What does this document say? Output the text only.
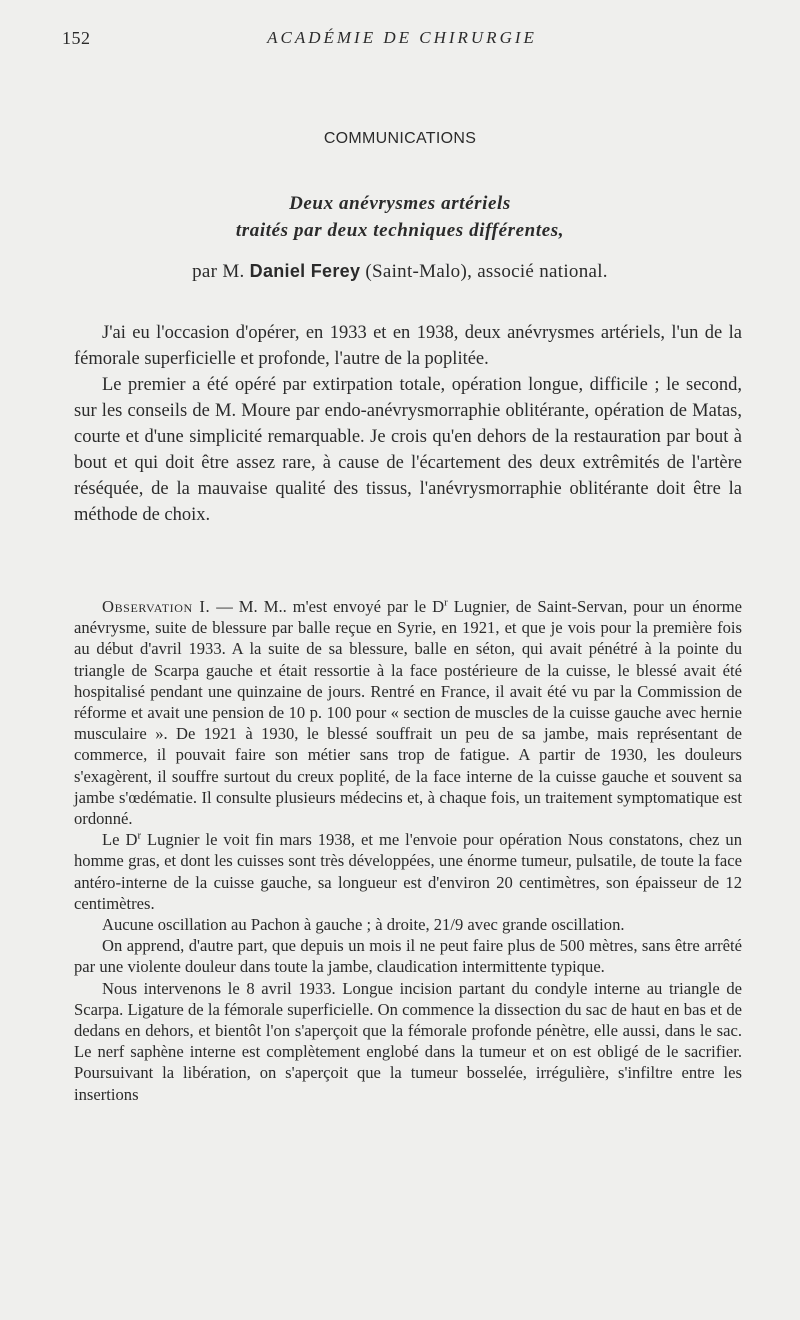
152	ACADÉMIE DE CHIRURGIE
COMMUNICATIONS
Deux anévrysmes artériels
traités par deux techniques différentes,
par M. Daniel Ferey (Saint-Malo), associé national.

J'ai eu l'occasion d'opérer, en 1933 et en 1938, deux anévrysmes artériels, l'un de la fémorale superficielle et profonde, l'autre de la poplitée.

Le premier a été opéré par extirpation totale, opération longue, difficile ; le second, sur les conseils de M. Moure par endo-anévrysmorraphie oblitérante, opération de Matas, courte et d'une simplicité remarquable. Je crois qu'en dehors de la restauration par bout à bout et qui doit être assez rare, à cause de l'écartement des deux extrêmités de l'artère réséquée, de la mauvaise qualité des tissus, l'anévrysmorraphie oblitérante doit être la méthode de choix.

Observation I. — M. M.. m'est envoyé par le $D^r$ Lugnier, de Saint-Servan, pour un énorme anévrysme, suite de blessure par balle reçue en Syrie, en 1921, et que je vois pour la première fois au début d'avril 1933. A la suite de sa blessure, balle en séton, qui avait pénétré à la pointe du triangle de Scarpa gauche et était ressortie à la face postérieure de la cuisse, le blessé avait été hospitalisé pendant une quinzaine de jours. Rentré en France, il avait été vu par la Commission de réforme et avait une pension de 10 p. 100 pour « section de muscles de la cuisse gauche avec hernie musculaire ». De 1921 à 1930, le blessé souffrait un peu de sa jambe, mais représentant de commerce, il pouvait faire son métier sans trop de fatigue. A partir de 1930, les douleurs s'exagèrent, il souffre surtout du creux poplité, de la face interne de la cuisse gauche et souvent sa jambe s'œdématie. Il consulte plusieurs médecins et, à chaque fois, un traitement symptomatique est ordonné.

Le $D^r$ Lugnier le voit fin mars 1938, et me l'envoie pour opération Nous constatons, chez un homme gras, et dont les cuisses sont très développées, une énorme tumeur, pulsatile, de toute la face antéro-interne de la cuisse gauche, sa longueur est d'environ 20 centimètres, son épaisseur de 12 centimètres.

Aucune oscillation au Pachon à gauche ; à droite, 21/9 avec grande oscillation.

On apprend, d'autre part, que depuis un mois il ne peut faire plus de 500 mètres, sans être arrêté par une violente douleur dans toute la jambe, claudication intermittente typique.

Nous intervenons le 8 avril 1933. Longue incision partant du condyle interne au triangle de Scarpa. Ligature de la fémorale superficielle. On commence la dissection du sac de haut en bas et de dedans en dehors, et bientôt l'on s'aperçoit que la fémorale profonde pénètre, elle aussi, dans le sac. Le nerf saphène interne est complètement englobé dans la tumeur et on est obligé de le sacrifier. Poursuivant la libération, on s'aperçoit que la tumeur bosselée, irrégulière, s'infiltre entre les insertions
